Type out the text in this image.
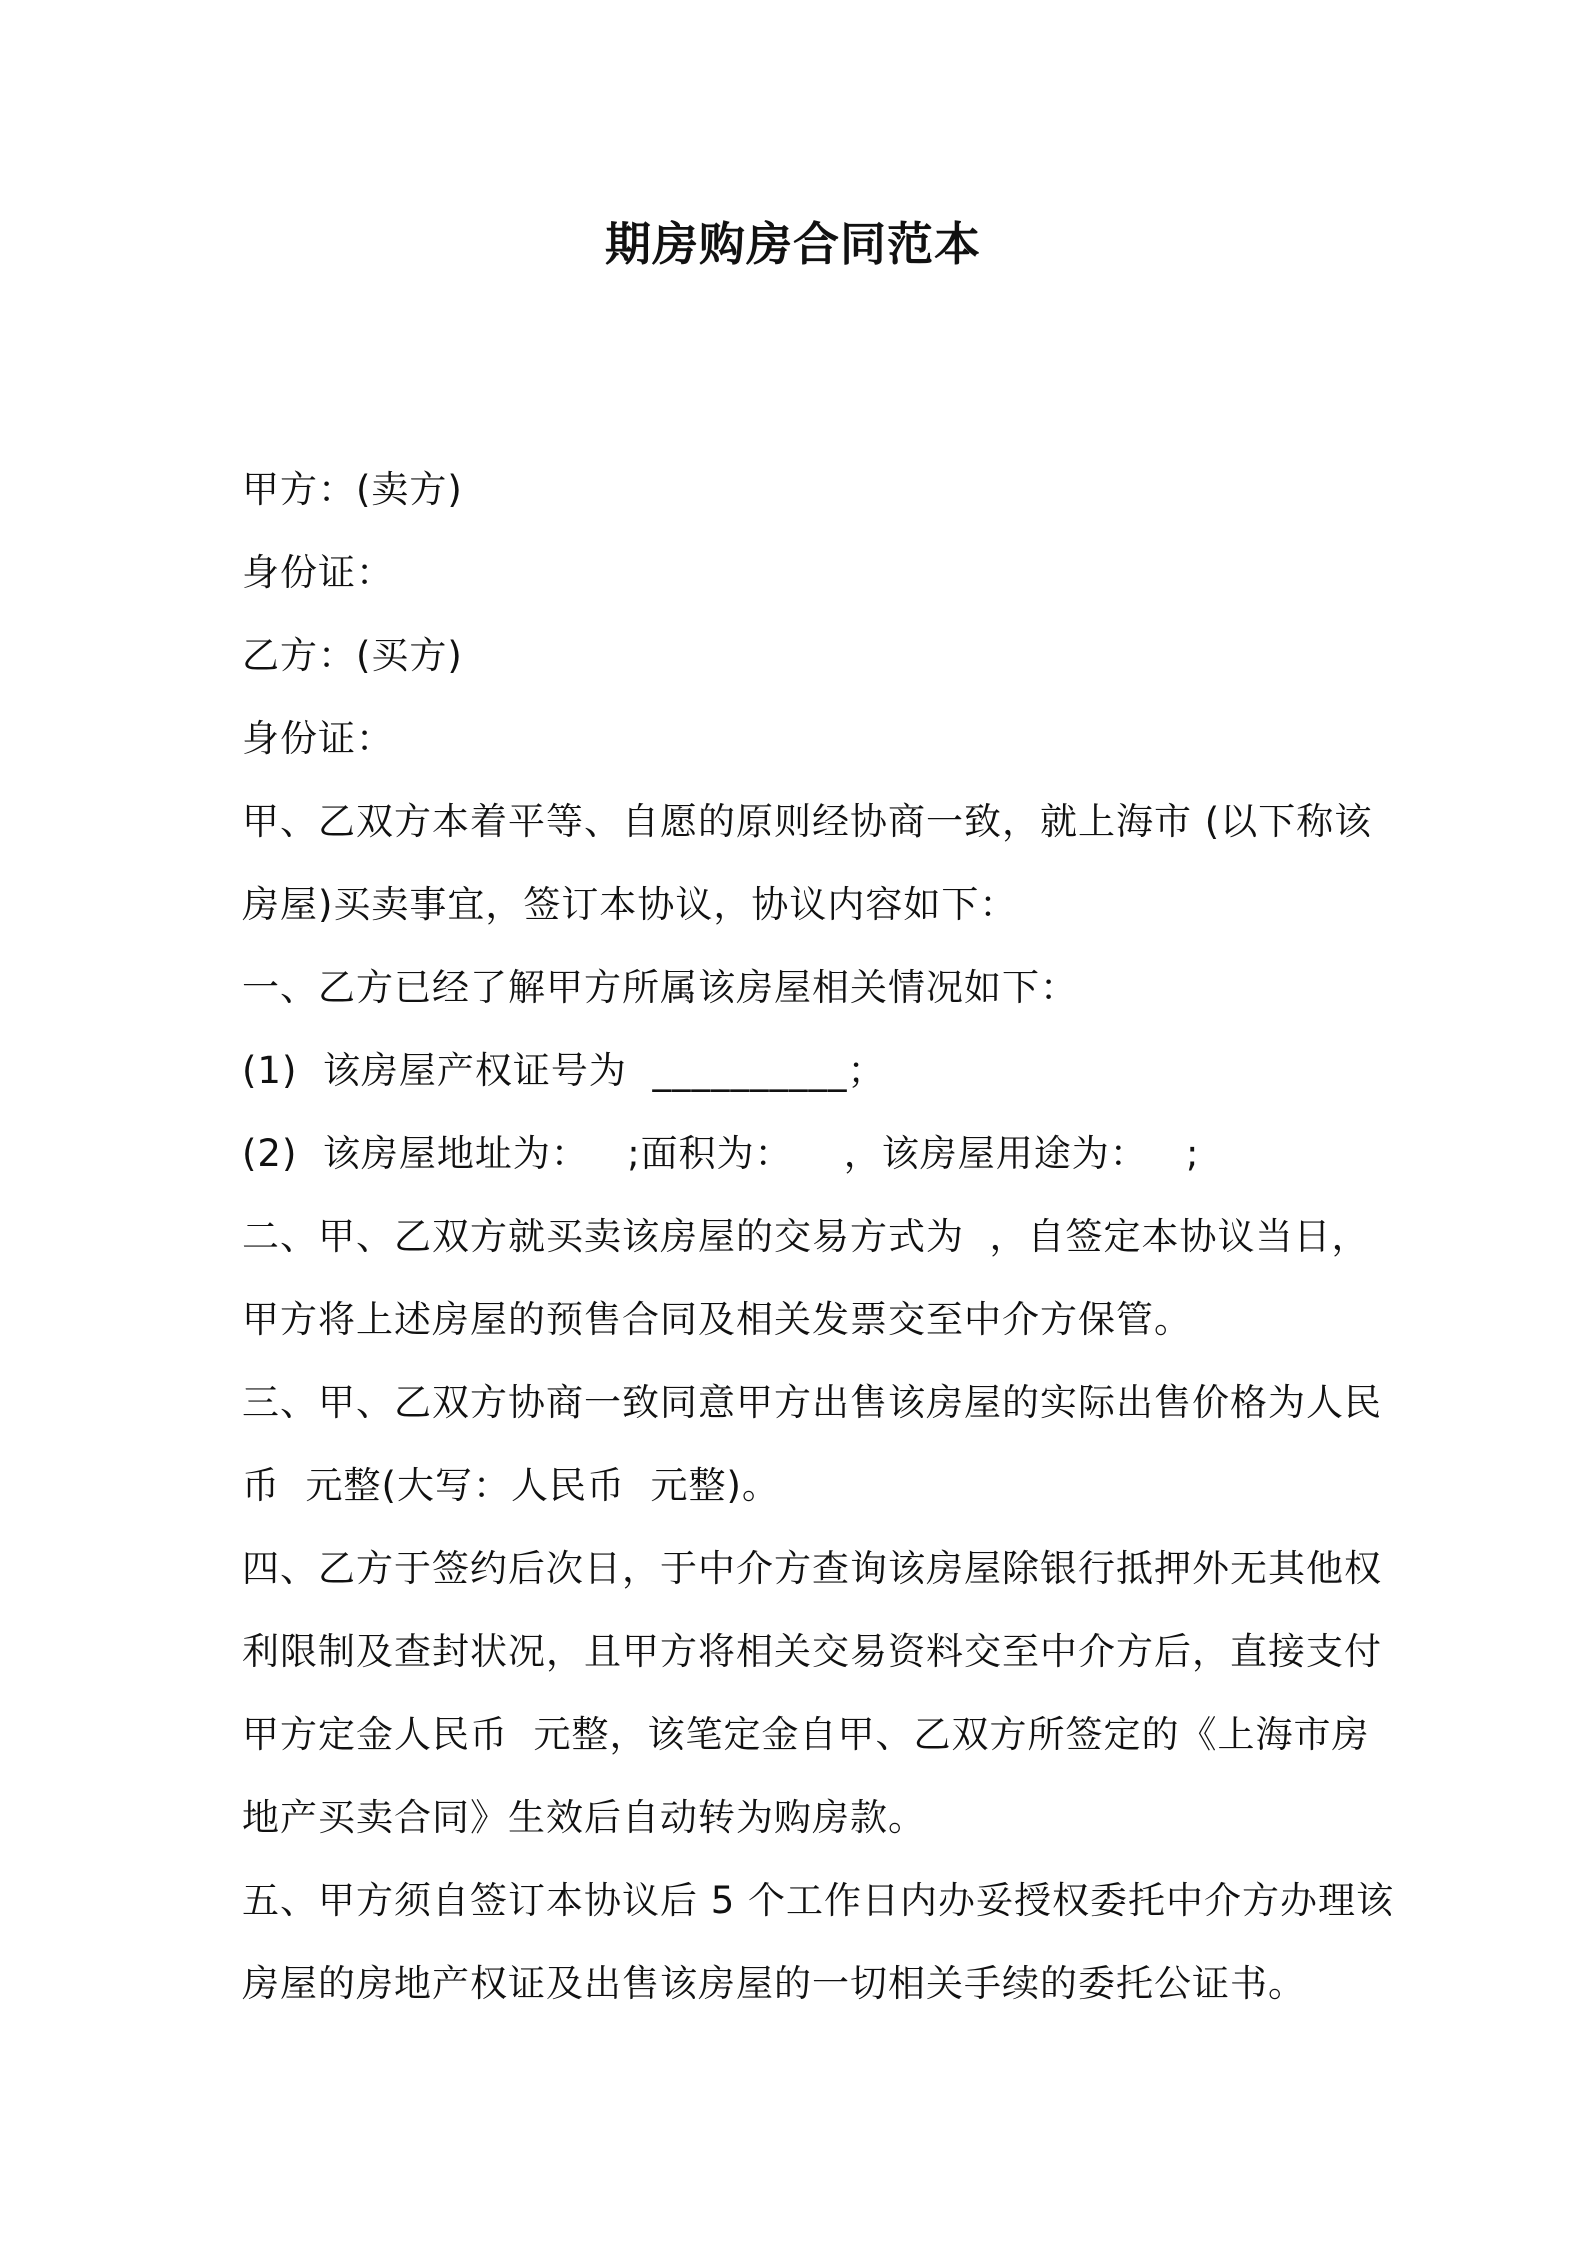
期房购房合同范本
甲方：(卖方)
身份证：
乙方：(买方)
身份证：
甲、乙双方本着平等、自愿的原则经协商一致，就上海市 (以下称该
房屋)买卖事宜，签订本协议，协议内容如下：
一、乙方已经了解甲方所属该房屋相关情况如下：
(1)  该房屋产权证号为  __________；
(2)  该房屋地址为：   ;面积为：    ，该房屋用途为：   ;
二、甲、乙双方就买卖该房屋的交易方式为  ，自签定本协议当日，
甲方将上述房屋的预售合同及相关发票交至中介方保管。
三、甲、乙双方协商一致同意甲方出售该房屋的实际出售价格为人民
币  元整(大写：人民币  元整)。
四、乙方于签约后次日，于中介方查询该房屋除银行抵押外无其他权
利限制及查封状况，且甲方将相关交易资料交至中介方后，直接支付
甲方定金人民币  元整，该笔定金自甲、乙双方所签定的《上海市房
地产买卖合同》生效后自动转为购房款。
五、甲方须自签订本协议后 5 个工作日内办妥授权委托中介方办理该
房屋的房地产权证及出售该房屋的一切相关手续的委托公证书。
